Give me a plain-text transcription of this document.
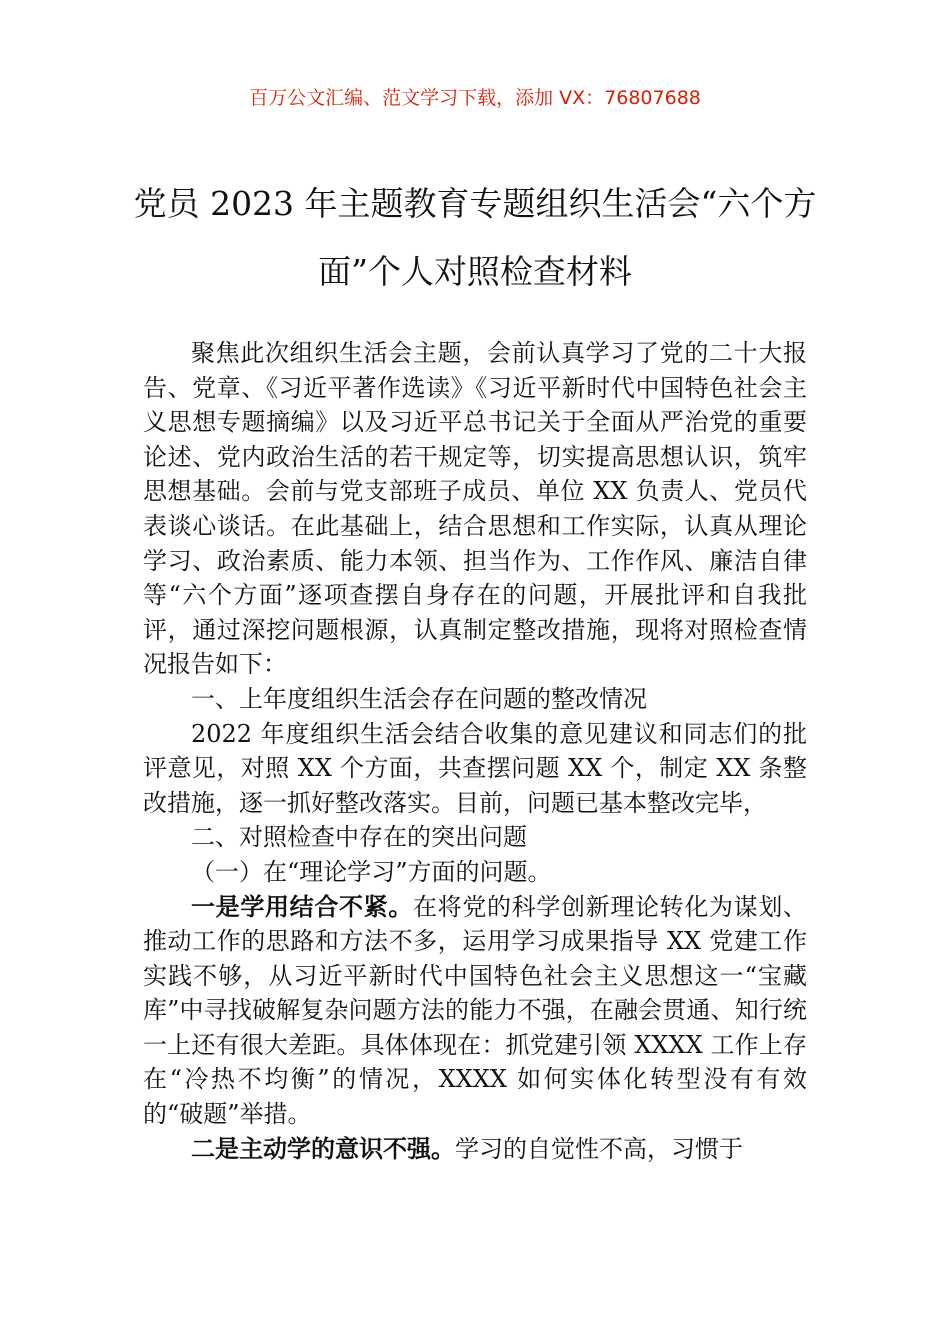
百万公文汇编、范文学习下载，添加 VX：76807688
党员 2023 年主题教育专题组织生活会“六个方面”个人对照检查材料

聚焦此次组织生活会主题，会前认真学习了党的二十大报告、党章、《习近平著作选读》《习近平新时代中国特色社会主义思想专题摘编》以及习近平总书记关于全面从严治党的重要论述、党内政治生活的若干规定等，切实提高思想认识，筑牢思想基础。会前与党支部班子成员、单位 XX 负责人、党员代表谈心谈话。在此基础上，结合思想和工作实际，认真从理论学习、政治素质、能力本领、担当作为、工作作风、廉洁自律等“六个方面”逐项查摆自身存在的问题，开展批评和自我批评，通过深挖问题根源，认真制定整改措施，现将对照检查情况报告如下：

一、上年度组织生活会存在问题的整改情况

2022 年度组织生活会结合收集的意见建议和同志们的批评意见，对照 XX 个方面，共查摆问题 XX 个，制定 XX 条整改措施，逐一抓好整改落实。目前，问题已基本整改完毕，

二、对照检查中存在的突出问题

（一）在“理论学习”方面的问题。

一是学用结合不紧。在将党的科学创新理论转化为谋划、推动工作的思路和方法不多，运用学习成果指导 XX 党建工作实践不够，从习近平新时代中国特色社会主义思想这一“宝藏库”中寻找破解复杂问题方法的能力不强，在融会贯通、知行统一上还有很大差距。具体体现在：抓党建引领 XXXX 工作上存在“冷热不均衡”的情况，XXXX 如何实体化转型没有有效的“破题”举措。

二是主动学的意识不强。学习的自觉性不高，习惯于
